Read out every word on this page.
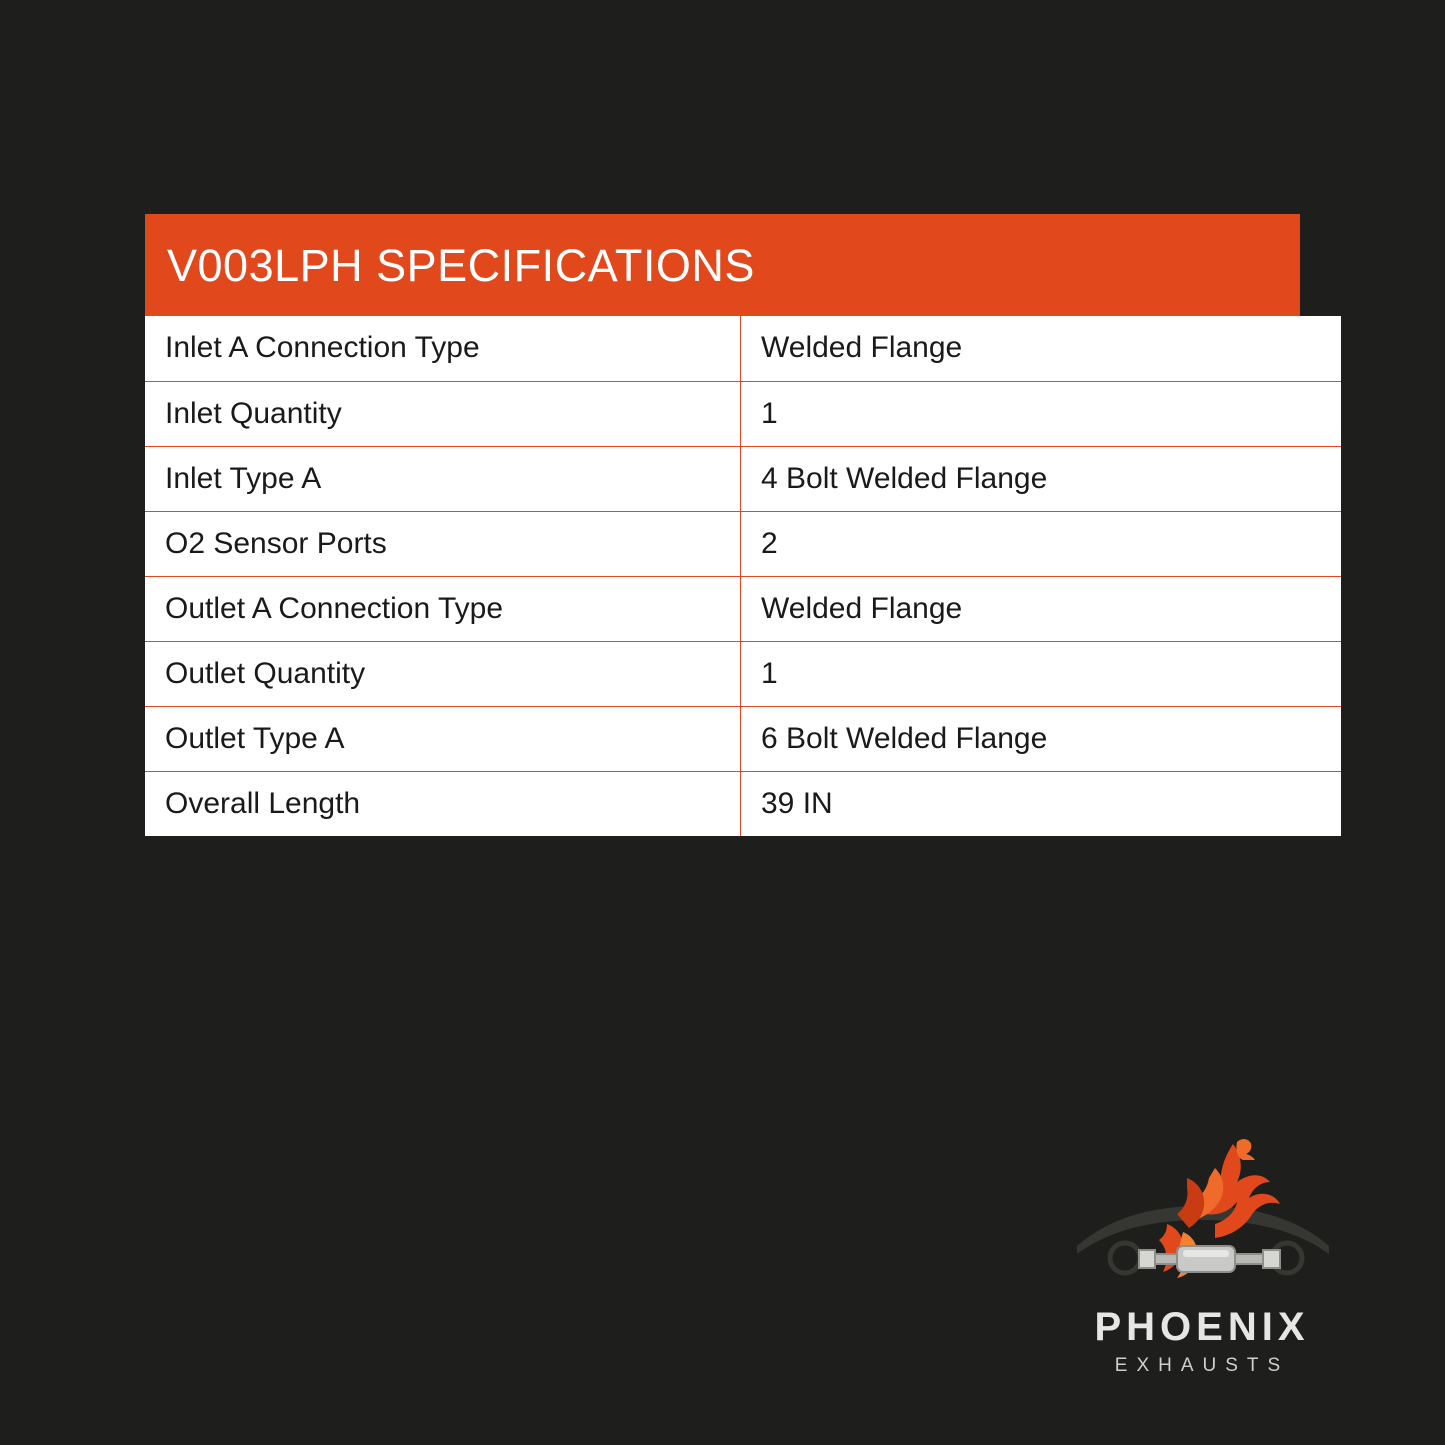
V003LPH SPECIFICATIONS
Inlet A Connection Type	Welded Flange
Inlet Quantity	1
Inlet Type A	4 Bolt Welded Flange
O2 Sensor Ports	2
Outlet A Connection Type	Welded Flange
Outlet Quantity	1
Outlet Type A	6 Bolt Welded Flange
Overall Length	39 IN
PHOENIX
EXHAUSTS
